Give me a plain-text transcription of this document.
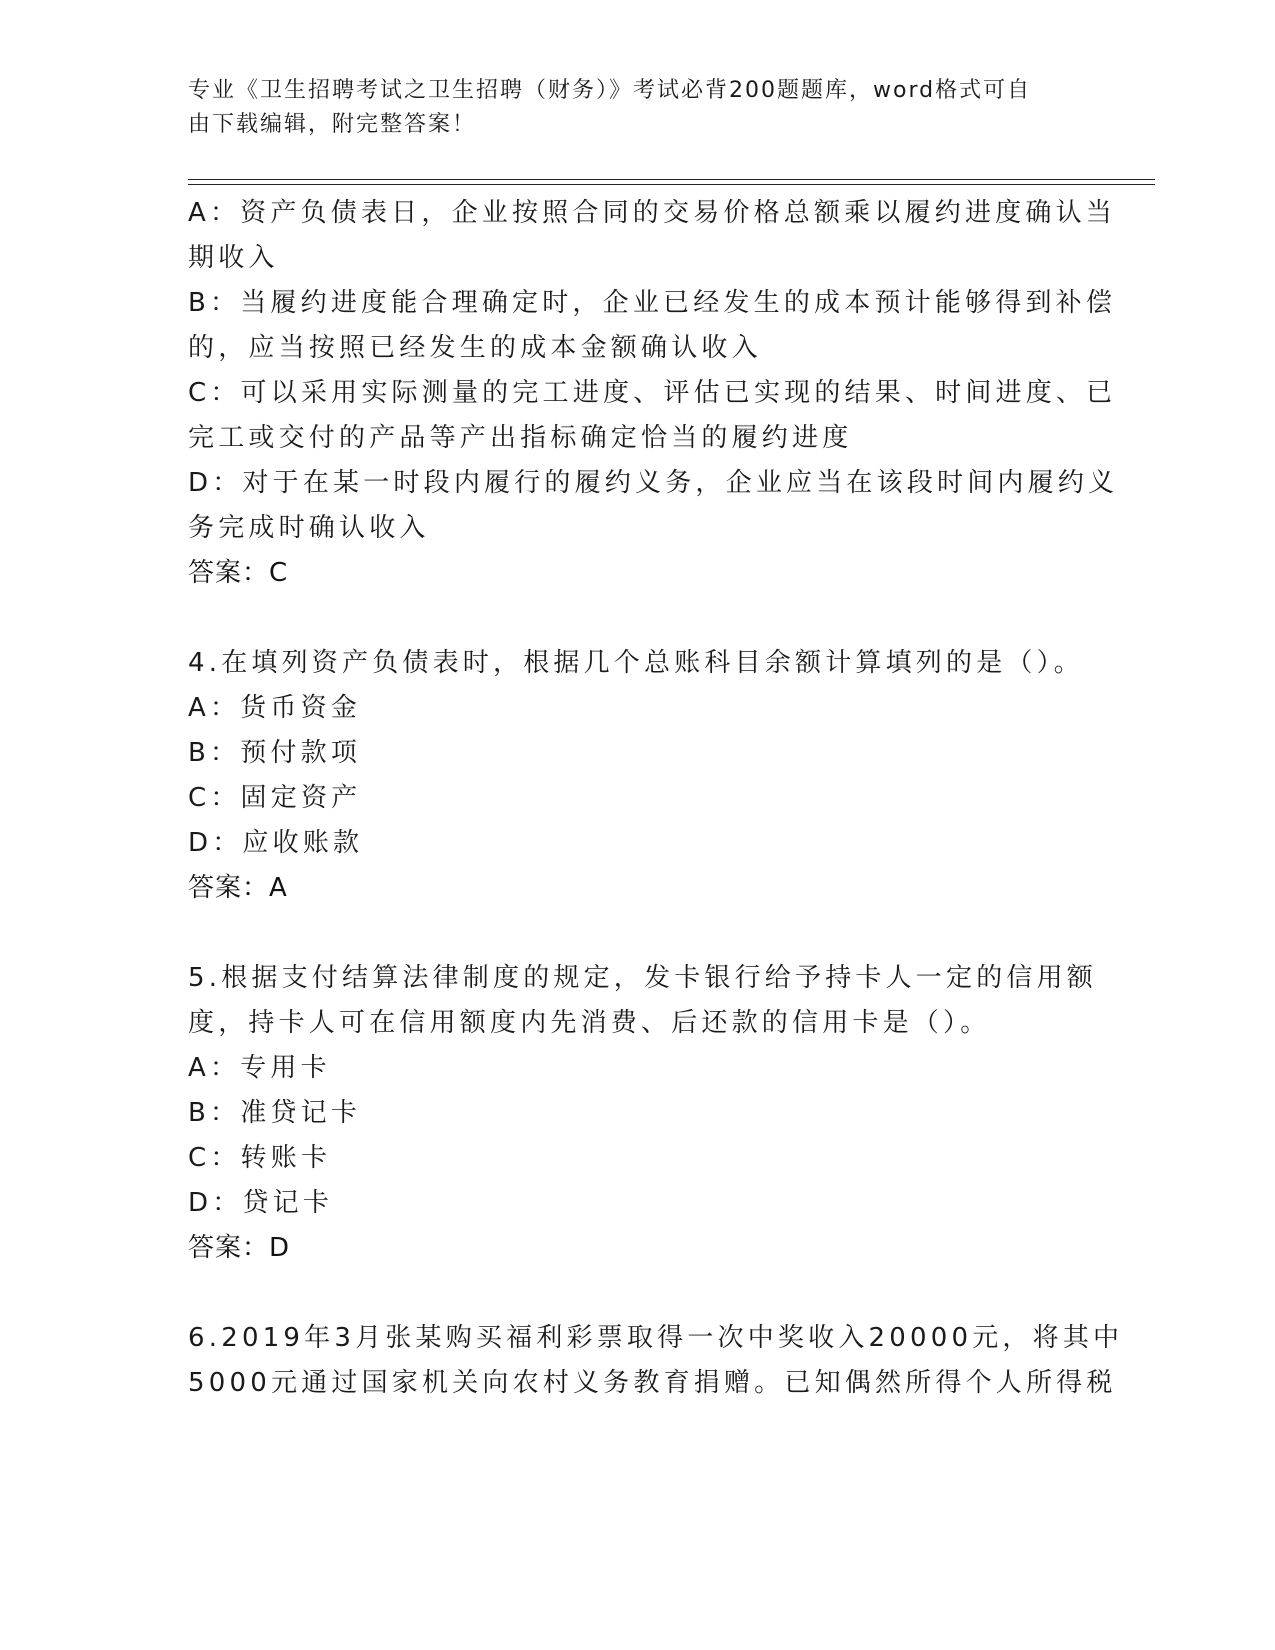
专业《卫生招聘考试之卫生招聘（财务）》考试必背200题题库，word格式可自
由下载编辑，附完整答案！
A：资产负债表日，企业按照合同的交易价格总额乘以履约进度确认当
期收入
B：当履约进度能合理确定时，企业已经发生的成本预计能够得到补偿
的，应当按照已经发生的成本金额确认收入
C：可以采用实际测量的完工进度、评估已实现的结果、时间进度、已
完工或交付的产品等产出指标确定恰当的履约进度
D：对于在某一时段内履行的履约义务，企业应当在该段时间内履约义
务完成时确认收入
答案：C
4.在填列资产负债表时，根据几个总账科目余额计算填列的是（）。
A：货币资金
B：预付款项
C：固定资产
D：应收账款
答案：A
5.根据支付结算法律制度的规定，发卡银行给予持卡人一定的信用额
度，持卡人可在信用额度内先消费、后还款的信用卡是（）。
A：专用卡
B：准贷记卡
C：转账卡
D：贷记卡
答案：D
6.2019年3月张某购买福利彩票取得一次中奖收入20000元，将其中
5000元通过国家机关向农村义务教育捐赠。已知偶然所得个人所得税
